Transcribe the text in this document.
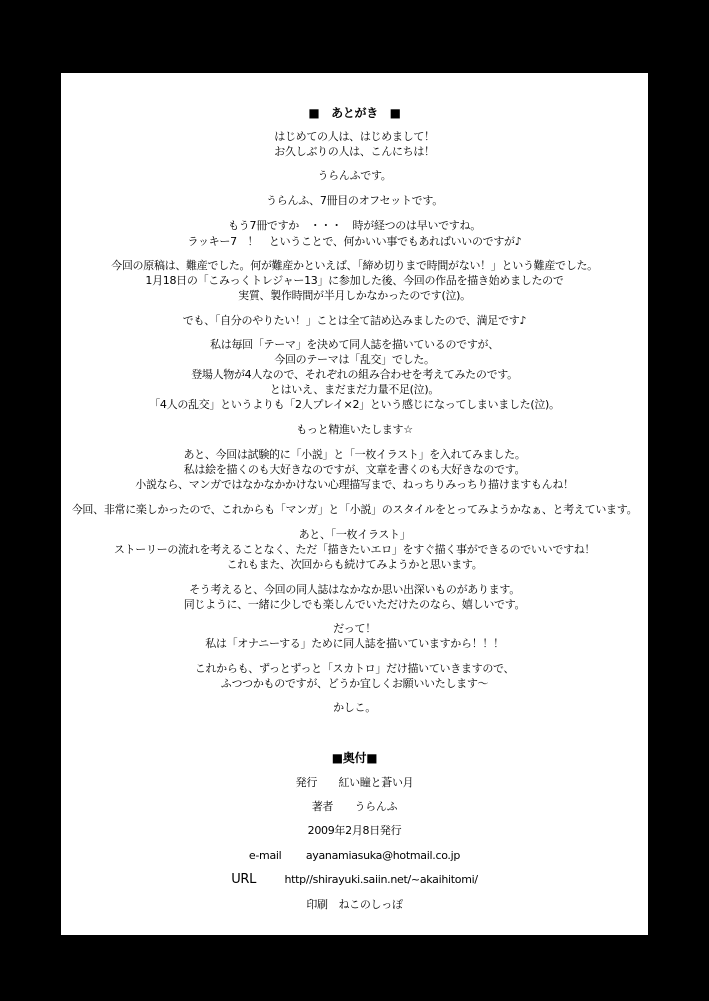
■　あとがき　■
はじめての人は、はじめまして！
お久しぶりの人は、こんにちは！
うらんふです。
うらんふ、7冊目のオフセットです。
もう7冊ですか　・・・　時が経つのは早いですね。
ラッキー7　！　ということで、何かいい事でもあればいいのですが♪
今回の原稿は、難産でした。何が難産かといえば、「締め切りまで時間がない！」という難産でした。
1月18日の「こみっくトレジャー13」に参加した後、今回の作品を描き始めましたので
実質、製作時間が半月しかなかったのです(泣)。
でも、「自分のやりたい！」ことは全て詰め込みましたので、満足です♪
私は毎回「テーマ」を決めて同人誌を描いているのですが、
今回のテーマは「乱交」でした。
登場人物が4人なので、それぞれの組み合わせを考えてみたのです。
とはいえ、まだまだ力量不足(泣)。
「4人の乱交」というよりも「2人プレイ×2」という感じになってしまいました(泣)。
もっと精進いたします☆
あと、今回は試験的に「小説」と「一枚イラスト」を入れてみました。
私は絵を描くのも大好きなのですが、文章を書くのも大好きなのです。
小説なら、マンガではなかなかかけない心理描写まで、ねっちりみっちり描けますもんね！
今回、非常に楽しかったので、これからも「マンガ」と「小説」のスタイルをとってみようかなぁ、と考えています。
あと、「一枚イラスト」
ストーリーの流れを考えることなく、ただ「描きたいエロ」をすぐ描く事ができるのでいいですね！
これもまた、次回からも続けてみようかと思います。
そう考えると、今回の同人誌はなかなか思い出深いものがあります。
同じように、一緒に少しでも楽しんでいただけたのなら、嬉しいです。
だって！
私は「オナニーする」ために同人誌を描いていますから！！！
これからも、ずっとずっと「スカトロ」だけ描いていきますので、
ふつつかものですが、どうか宜しくお願いいたします～
かしこ。
■奥付■
発行　　紅い瞳と蒼い月
著者　　うらんふ
2009年2月8日発行
e-mail ayanamiasuka@hotmail.co.jp
URL	http//shirayuki.saiin.net/~akaihitomi/
印刷　ねこのしっぽ
